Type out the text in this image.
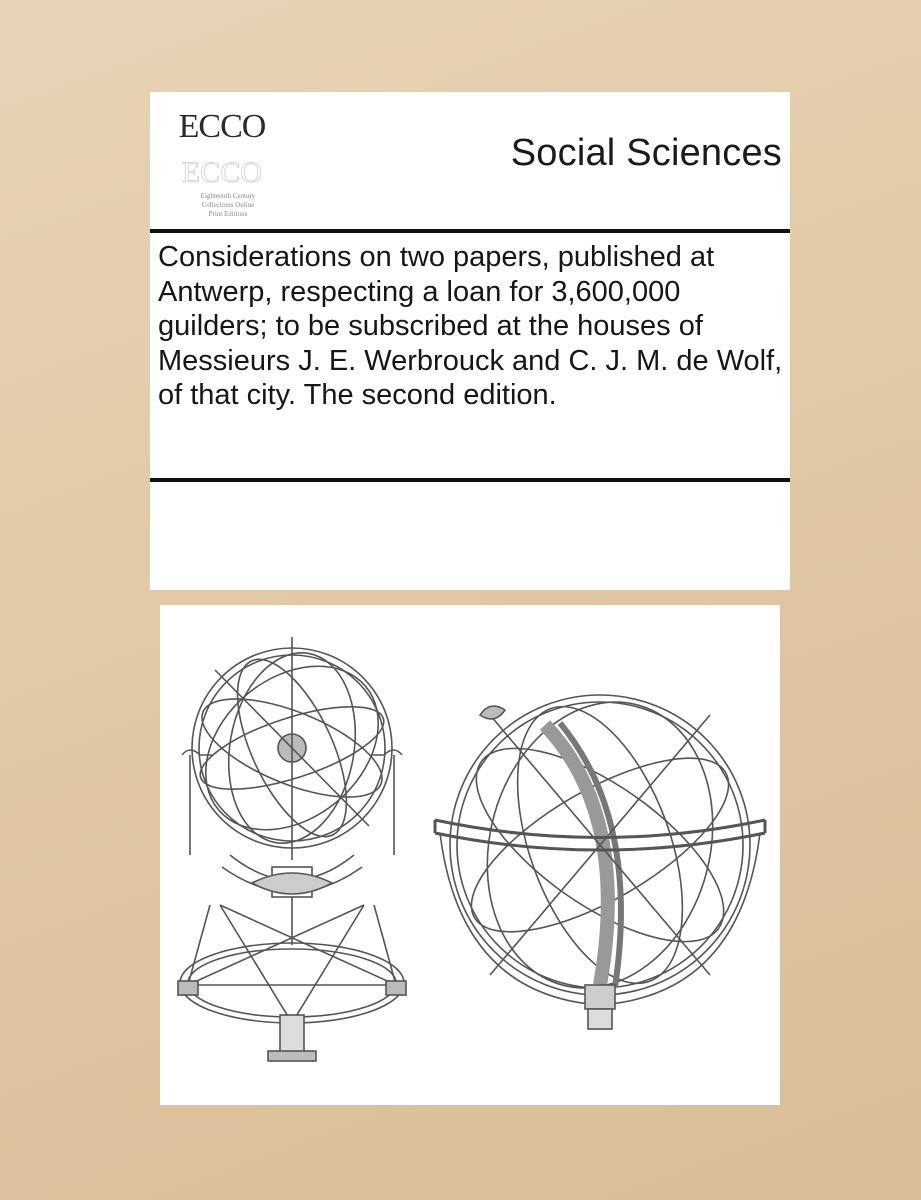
ECCO
ECCO
Eighteenth Century
Collections Online
Print Editions
Social Sciences

Considerations on two papers, published at Antwerp, respecting a loan for 3,600,000 guilders; to be subscribed at the houses of Messieurs J. E. Werbrouck and C. J. M. de Wolf, of that city. The second edition.
